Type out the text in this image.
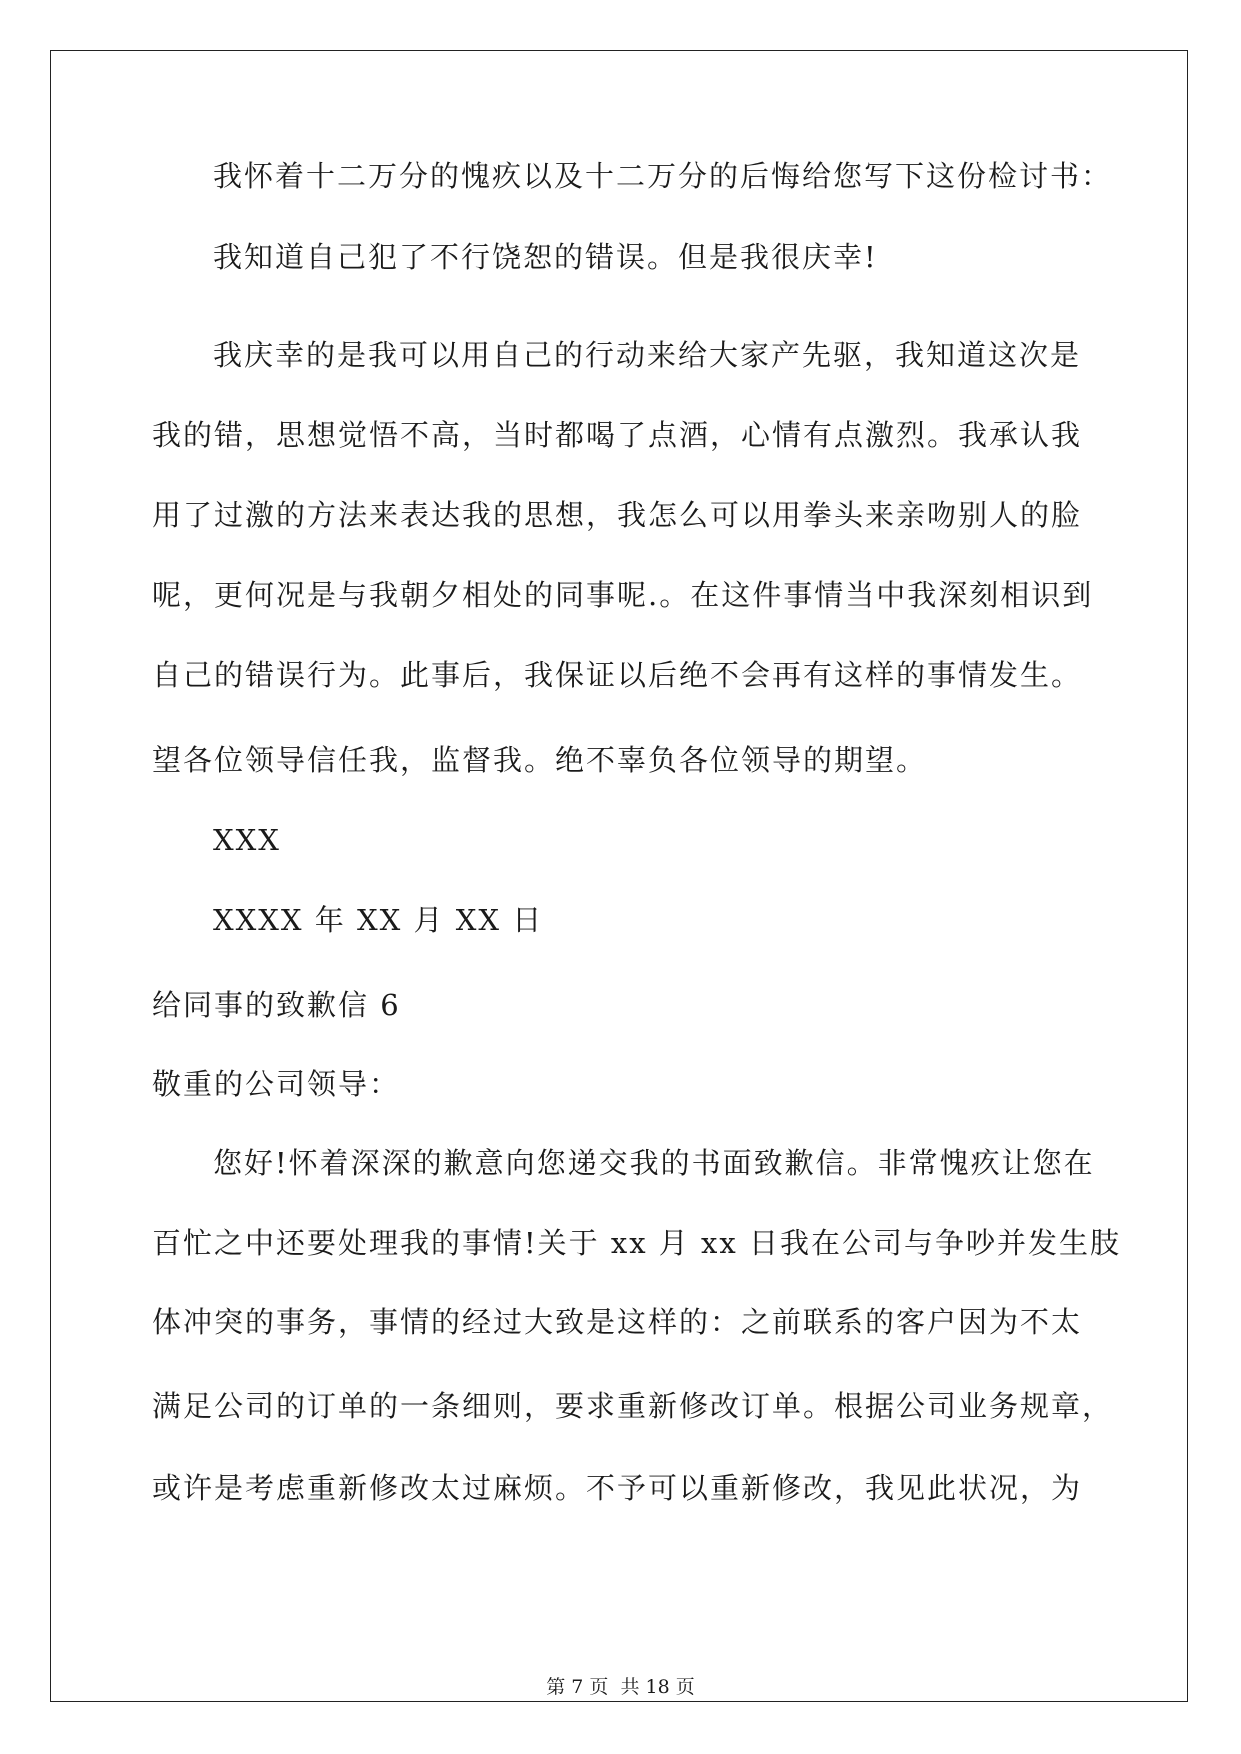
我怀着十二万分的愧疚以及十二万分的后悔给您写下这份检讨书：

我知道自己犯了不行饶恕的错误。但是我很庆幸!

我庆幸的是我可以用自己的行动来给大家产先驱，我知道这次是

我的错，思想觉悟不高，当时都喝了点酒，心情有点激烈。我承认我

用了过激的方法来表达我的思想，我怎么可以用拳头来亲吻别人的脸

呢，更何况是与我朝夕相处的同事呢.。在这件事情当中我深刻相识到

自己的错误行为。此事后，我保证以后绝不会再有这样的事情发生。

望各位领导信任我，监督我。绝不辜负各位领导的期望。

XXX

XXXX 年 XX 月 XX 日

给同事的致歉信 6

敬重的公司领导：

您好!怀着深深的歉意向您递交我的书面致歉信。非常愧疚让您在

百忙之中还要处理我的事情!关于 xx 月 xx 日我在公司与争吵并发生肢

体冲突的事务，事情的经过大致是这样的：之前联系的客户因为不太

满足公司的订单的一条细则，要求重新修改订单。根据公司业务规章，

或许是考虑重新修改太过麻烦。不予可以重新修改，我见此状况，为

第 7 页 共 18 页
